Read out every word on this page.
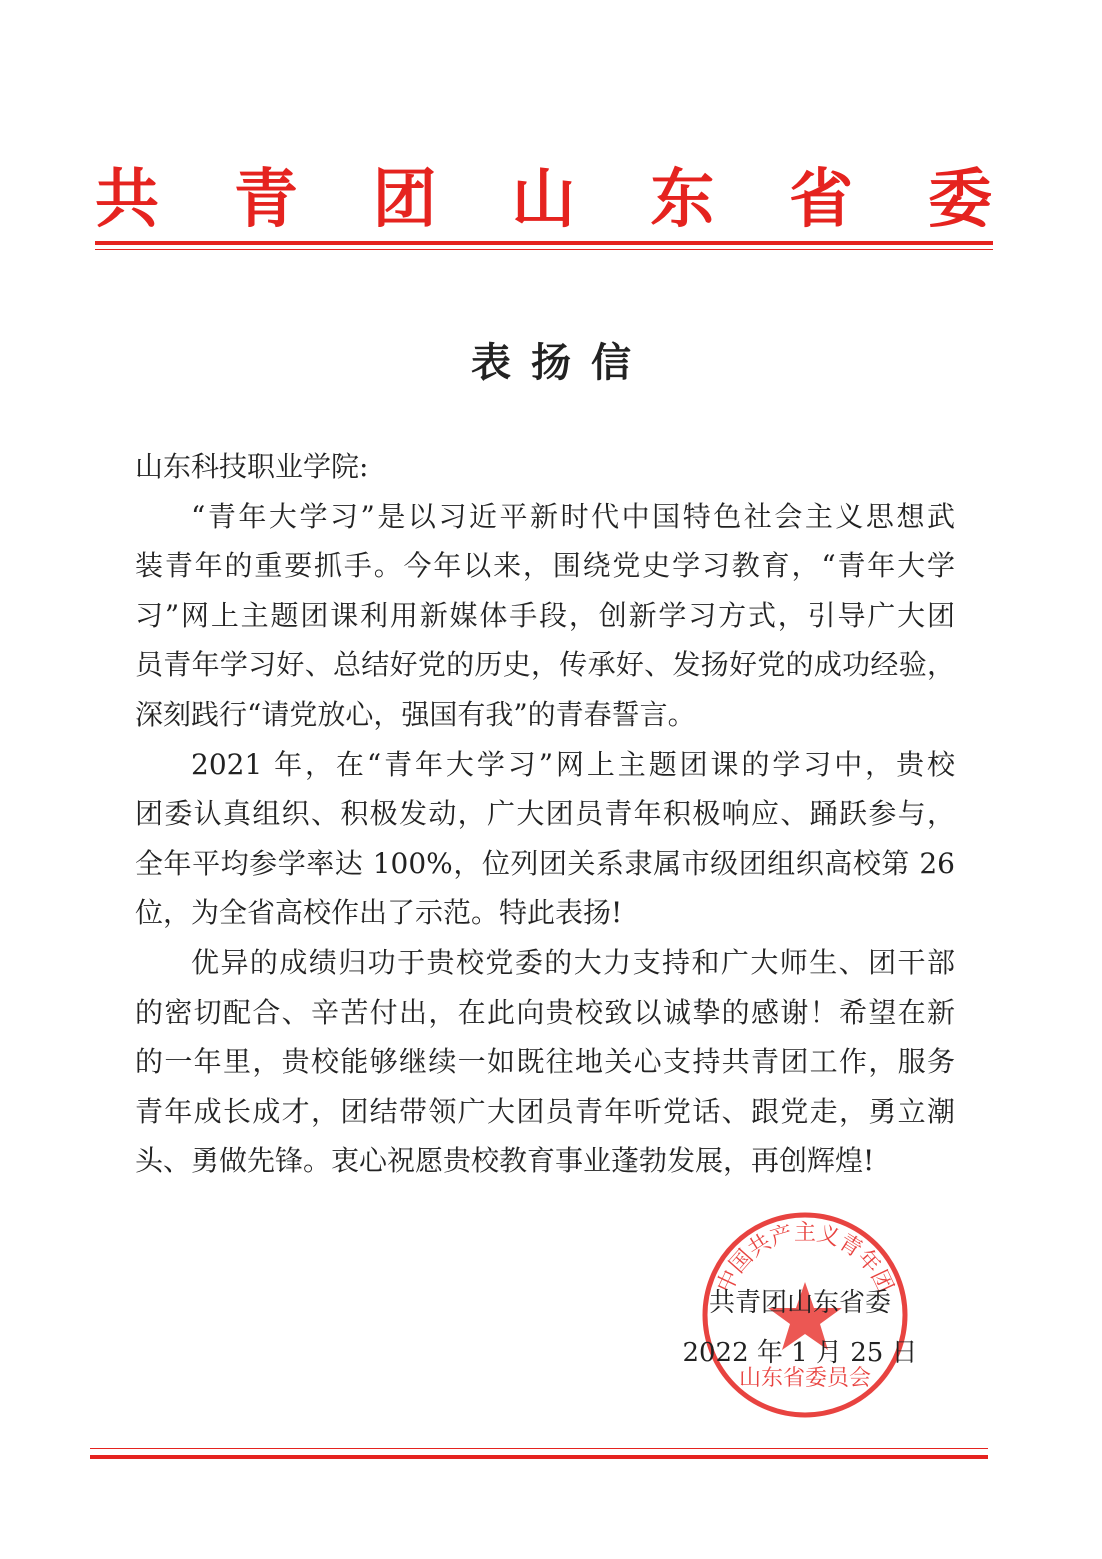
共 青 团 山 东 省 委
表扬信
山东科技职业学院:
“青年大学习”是以习近平新时代中国特色社会主义思想武
装青年的重要抓手。今年以来，围绕党史学习教育，“青年大学
习”网上主题团课利用新媒体手段，创新学习方式，引导广大团
员青年学习好、总结好党的历史，传承好、发扬好党的成功经验，
深刻践行“请党放心，强国有我”的青春誓言。
2021 年，在“青年大学习”网上主题团课的学习中，贵校
团委认真组织、积极发动，广大团员青年积极响应、踊跃参与，
全年平均参学率达 100%，位列团关系隶属市级团组织高校第 26
位，为全省高校作出了示范。特此表扬!
优异的成绩归功于贵校党委的大力支持和广大师生、团干部
的密切配合、辛苦付出，在此向贵校致以诚挚的感谢！希望在新
的一年里，贵校能够继续一如既往地关心支持共青团工作，服务
青年成长成才，团结带领广大团员青年听党话、跟党走，勇立潮
头、勇做先锋。衷心祝愿贵校教育事业蓬勃发展，再创辉煌!
中国共产主义青年团
山东省委员会
共青团山东省委
2022 年 1 月 25 日
